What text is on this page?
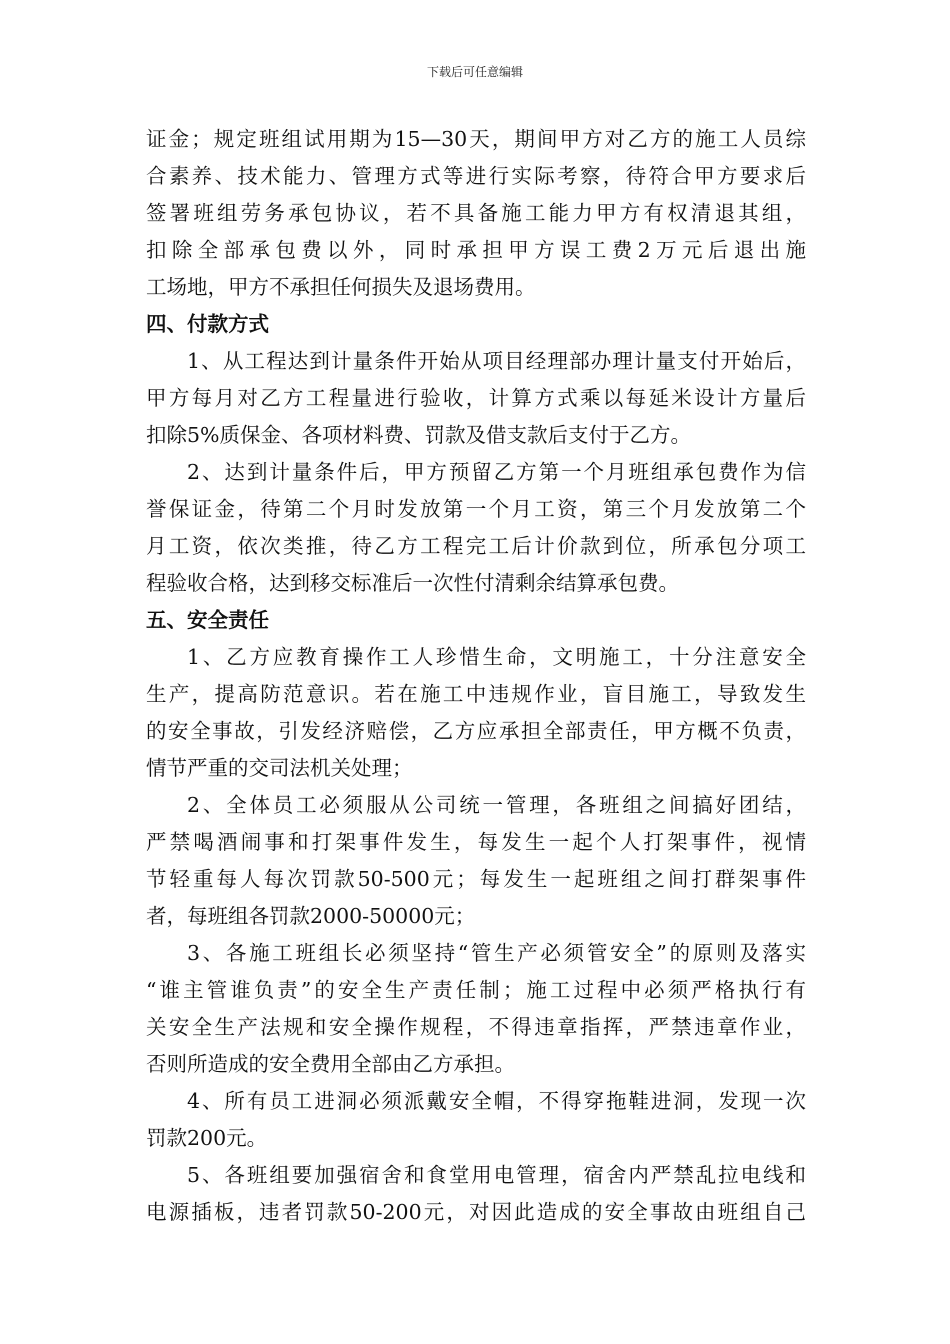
下载后可任意编辑
证金；规定班组试用期为15—30天，期间甲方对乙方的施工人员综
合素养、技术能力、管理方式等进行实际考察，待符合甲方要求后
签署班组劳务承包协议，若不具备施工能力甲方有权清退其组，
扣除全部承包费以外，同时承担甲方误工费2万元后退出施
工场地，甲方不承担任何损失及退场费用。
四、付款方式
1、从工程达到计量条件开始从项目经理部办理计量支付开始后，
甲方每月对乙方工程量进行验收，计算方式乘以每延米设计方量后
扣除5%质保金、各项材料费、罚款及借支款后支付于乙方。
2、达到计量条件后，甲方预留乙方第一个月班组承包费作为信
誉保证金，待第二个月时发放第一个月工资，第三个月发放第二个
月工资，依次类推，待乙方工程完工后计价款到位，所承包分项工
程验收合格，达到移交标准后一次性付清剩余结算承包费。
五、安全责任
1、乙方应教育操作工人珍惜生命，文明施工，十分注意安全
生产，提高防范意识。若在施工中违规作业，盲目施工，导致发生
的安全事故，引发经济赔偿，乙方应承担全部责任，甲方概不负责，
情节严重的交司法机关处理；
2、全体员工必须服从公司统一管理，各班组之间搞好团结，
严禁喝酒闹事和打架事件发生，每发生一起个人打架事件，视情
节轻重每人每次罚款50-500元；每发生一起班组之间打群架事件
者，每班组各罚款2000-50000元；
3、各施工班组长必须坚持“管生产必须管安全”的原则及落实
“谁主管谁负责”的安全生产责任制；施工过程中必须严格执行有
关安全生产法规和安全操作规程，不得违章指挥，严禁违章作业，
否则所造成的安全费用全部由乙方承担。
4、所有员工进洞必须派戴安全帽，不得穿拖鞋进洞，发现一次
罚款200元。
5、各班组要加强宿舍和食堂用电管理，宿舍内严禁乱拉电线和
电源插板，违者罚款50-200元，对因此造成的安全事故由班组自己
